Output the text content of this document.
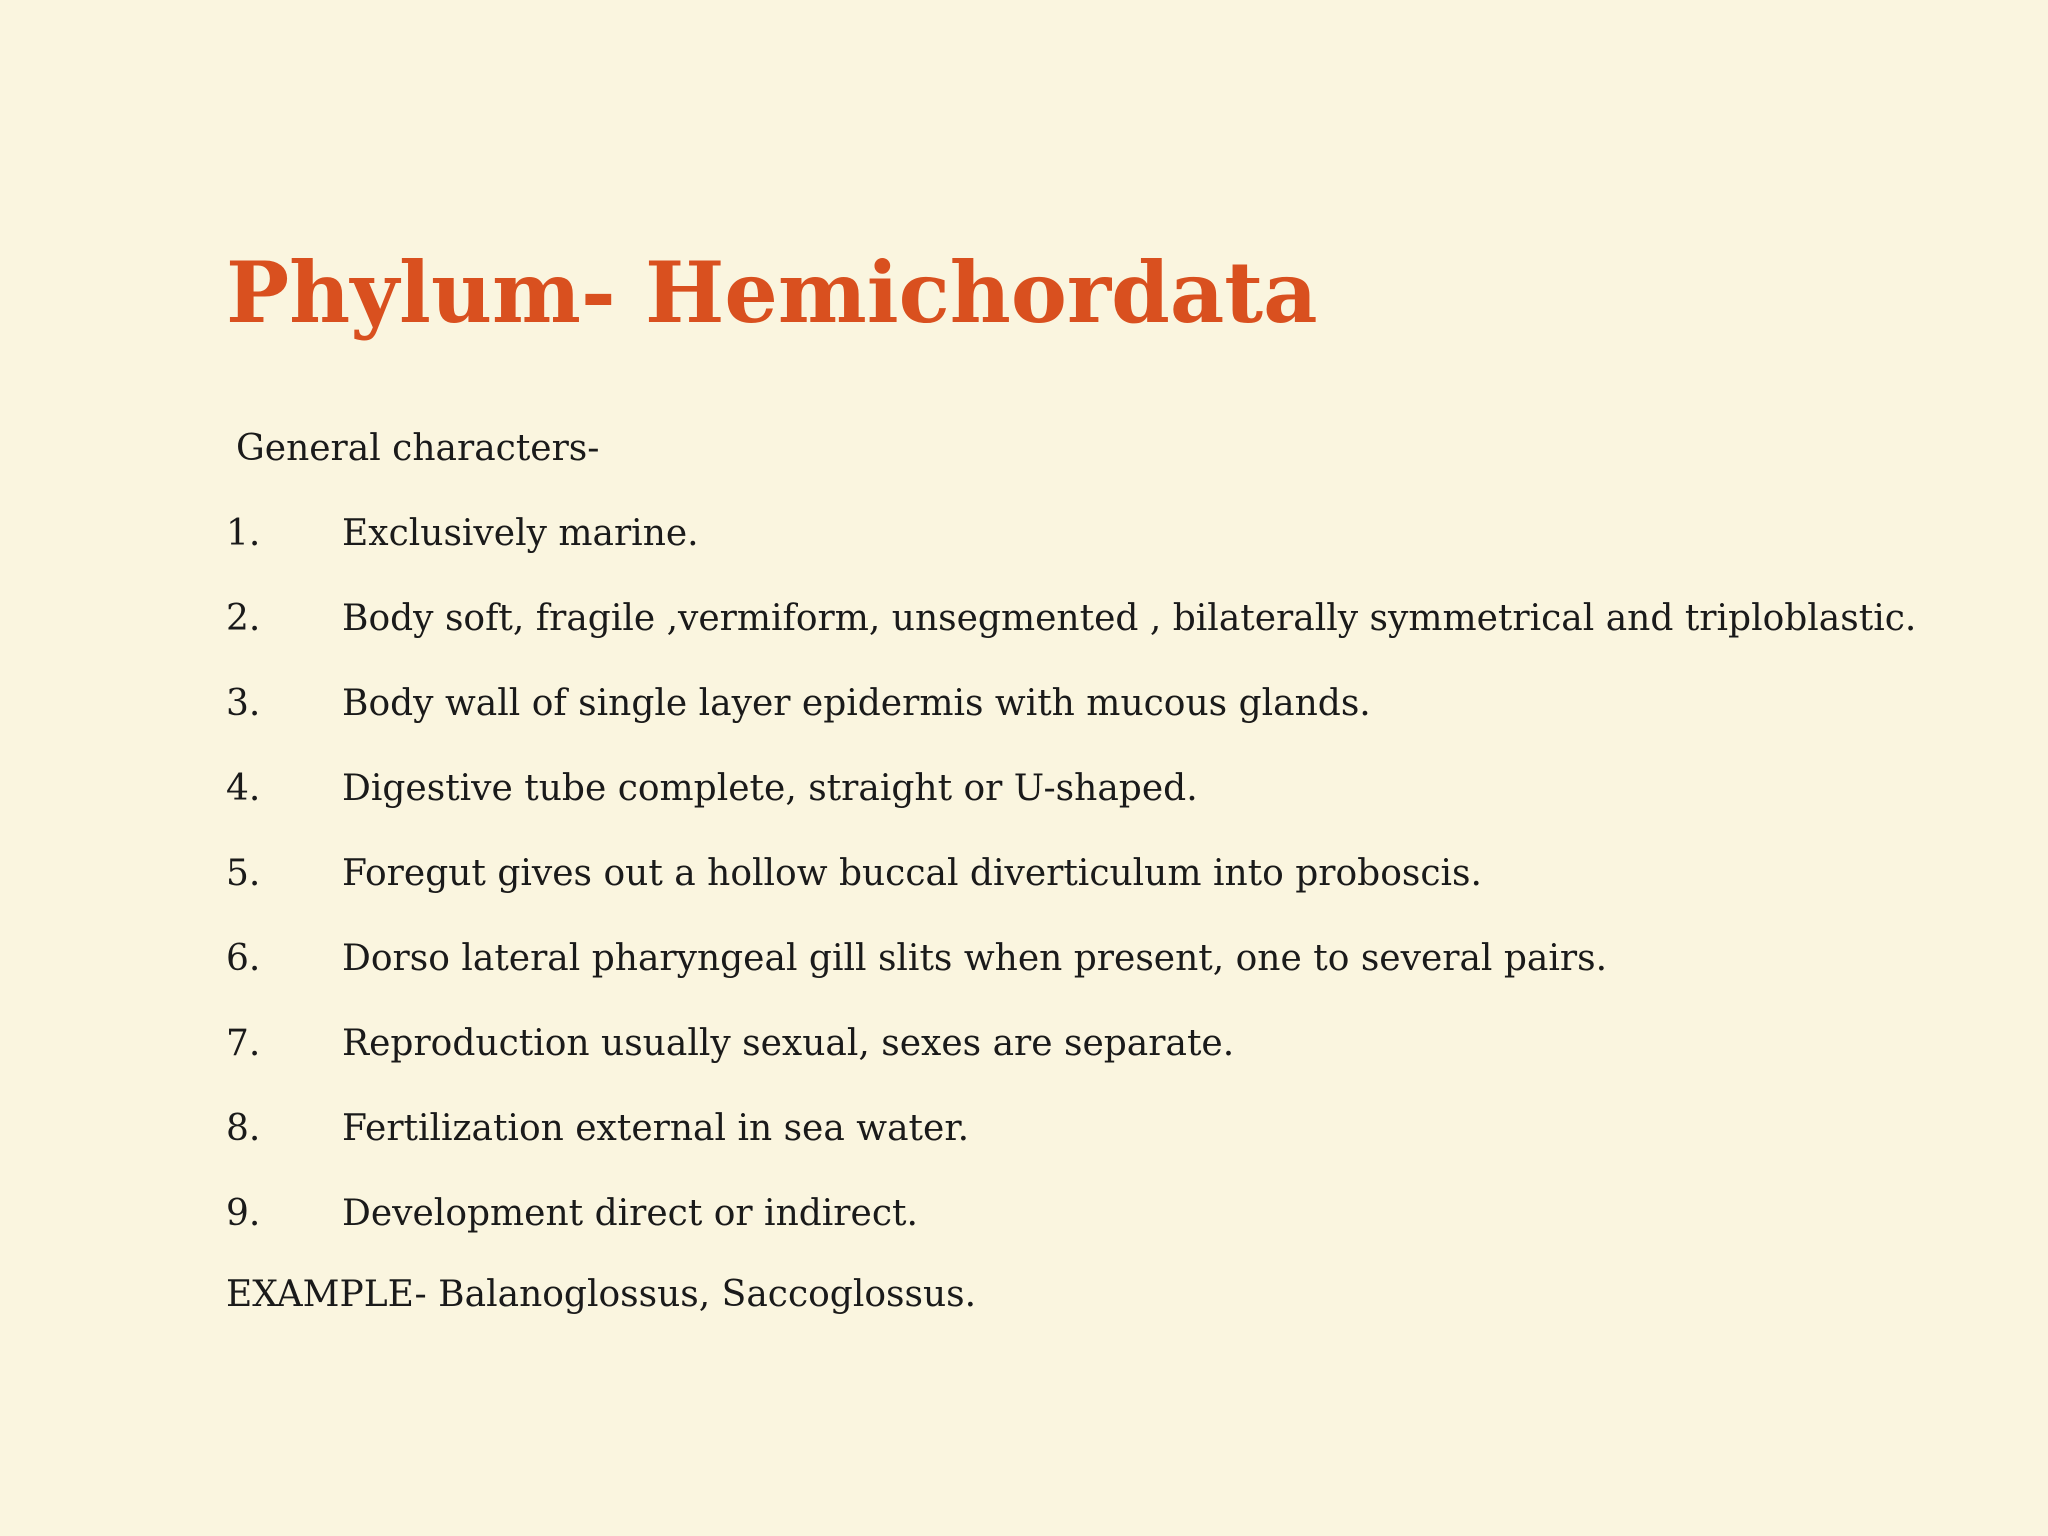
Phylum- Hemichordata

General characters-

1.	Exclusively marine.
2.	Body soft, fragile ,vermiform, unsegmented , bilaterally symmetrical and triploblastic.
3.	Body wall of single layer epidermis with mucous glands.
4.	Digestive tube complete, straight or U-shaped.
5.	Foregut gives out a hollow buccal diverticulum into proboscis.
6.	Dorso lateral pharyngeal gill slits when present, one to several pairs.
7.	Reproduction usually sexual, sexes are separate.
8.	Fertilization external in sea water.
9.	Development direct or indirect.

EXAMPLE- Balanoglossus, Saccoglossus.
